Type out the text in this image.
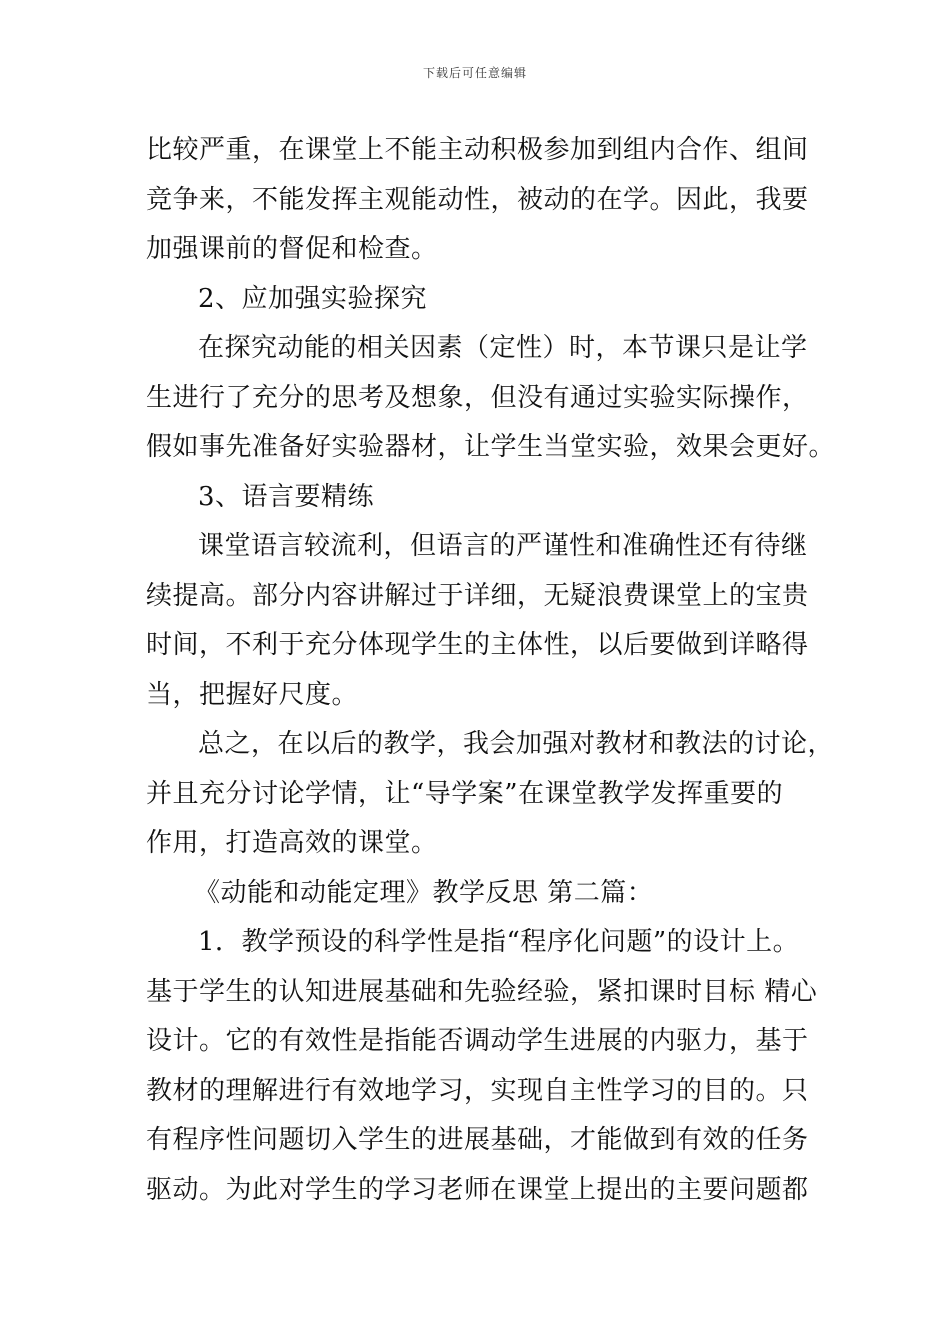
下载后可任意编辑
比较严重，在课堂上不能主动积极参加到组内合作、组间
竞争来，不能发挥主观能动性，被动的在学。因此，我要
加强课前的督促和检查。
2、应加强实验探究
在探究动能的相关因素（定性）时，本节课只是让学
生进行了充分的思考及想象，但没有通过实验实际操作，
假如事先准备好实验器材，让学生当堂实验，效果会更好。
3、语言要精练
课堂语言较流利，但语言的严谨性和准确性还有待继
续提高。部分内容讲解过于详细，无疑浪费课堂上的宝贵
时间，不利于充分体现学生的主体性，以后要做到详略得
当，把握好尺度。
总之，在以后的教学，我会加强对教材和教法的讨论，
并且充分讨论学情，让“导学案”在课堂教学发挥重要的
作用，打造高效的课堂。
《动能和动能定理》教学反思 第二篇：
1．教学预设的科学性是指“程序化问题”的设计上。
基于学生的认知进展基础和先验经验，紧扣课时目标 精心
设计。它的有效性是指能否调动学生进展的内驱力，基于
教材的理解进行有效地学习，实现自主性学习的目的。只
有程序性问题切入学生的进展基础，才能做到有效的任务
驱动。为此对学生的学习老师在课堂上提出的主要问题都
